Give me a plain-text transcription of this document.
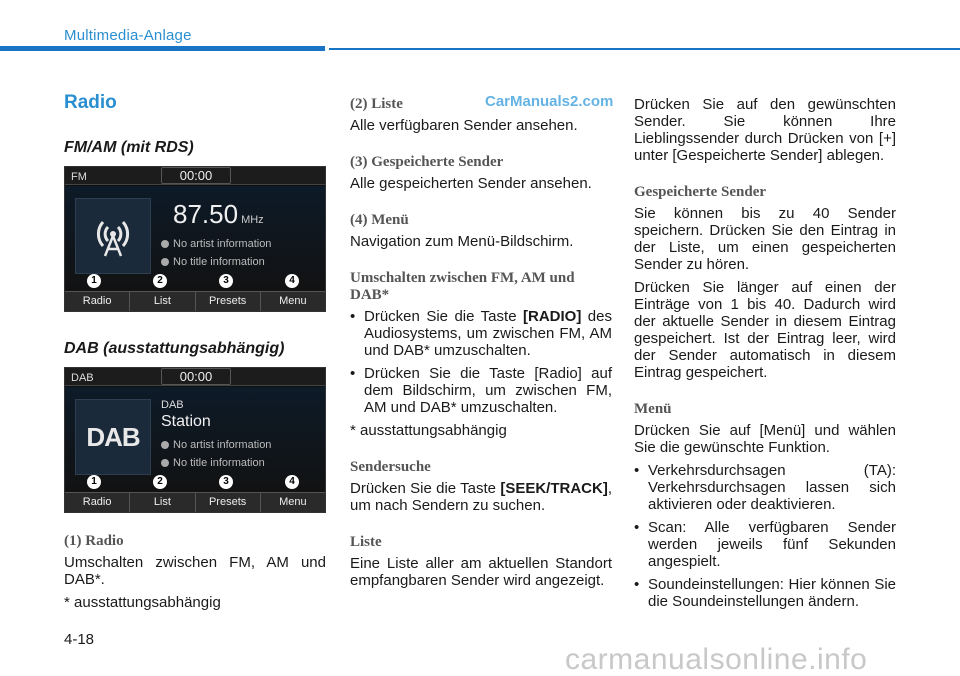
Multimedia-Anlage
CarManuals2.com
Radio
FM/AM (mit RDS)
FM	00:00
87.50 MHz
No artist information
No title information
1	2	3	4
Radio	List	Presets	Menu
DAB (ausstattungsabhängig)
DAB	00:00
DAB
DAB
Station
No artist information
No title information
1	2	3	4
Radio	List	Presets	Menu
(1) Radio

Umschalten zwischen FM, AM und DAB*.

* ausstattungsabhängig

(2) Liste

Alle verfügbaren Sender ansehen.

(3) Gespeicherte Sender

Alle gespeicherten Sender ansehen.

(4) Menü

Navigation zum Menü-Bildschirm.

Umschalten zwischen FM, AM und DAB*
• Drücken Sie die Taste [RADIO] des Audiosystems, um zwischen FM, AM und DAB* umzuschalten.
• Drücken Sie die Taste [Radio] auf dem Bildschirm, um zwischen FM, AM und DAB* umzuschalten.

* ausstattungsabhängig

Sendersuche

Drücken Sie die Taste [SEEK/TRACK], um nach Sendern zu suchen.

Liste

Eine Liste aller am aktuellen Standort empfangbaren Sender wird angezeigt.

Drücken Sie auf den gewünschten Sender. Sie können Ihre Lieblingssender durch Drücken von [+] unter [Gespeicherte Sender] ablegen.

Gespeicherte Sender

Sie können bis zu 40 Sender speichern. Drücken Sie den Eintrag in der Liste, um einen gespeicherten Sender zu hören.

Drücken Sie länger auf einen der Einträge von 1 bis 40. Dadurch wird der aktuelle Sender in diesem Eintrag gespeichert. Ist der Eintrag leer, wird der Sender automatisch in diesem Eintrag gespeichert.

Menü

Drücken Sie auf [Menü] und wählen Sie die gewünschte Funktion.

• Verkehrsdurchsagen (TA): Verkehrsdurchsagen lassen sich aktivieren oder deaktivieren.
• Scan: Alle verfügbaren Sender werden jeweils fünf Sekunden angespielt.
• Soundeinstellungen: Hier können Sie die Soundeinstellungen ändern.
4-18
carmanualsonline.info
